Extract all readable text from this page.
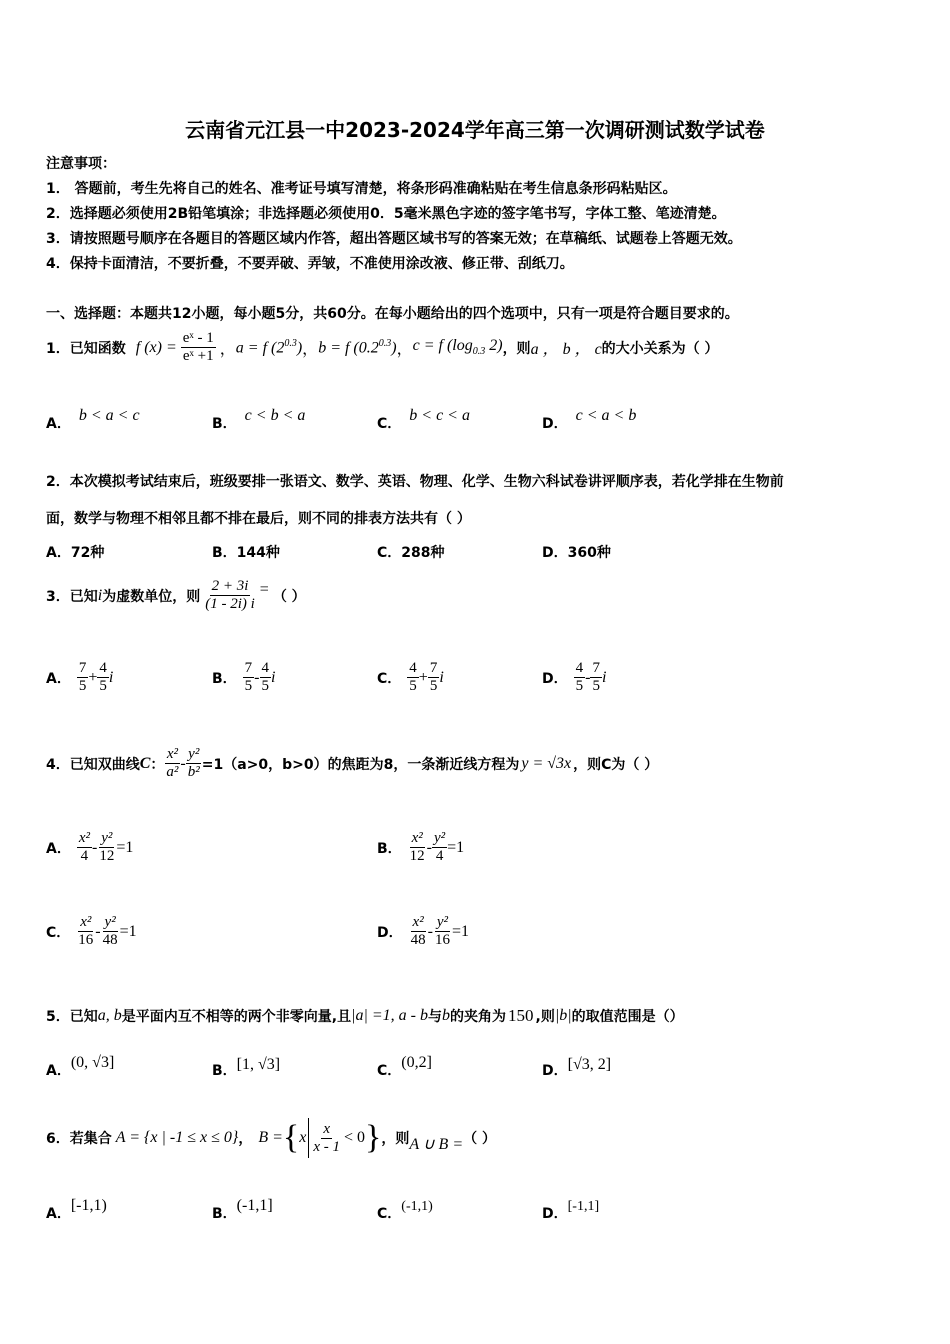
云南省元江县一中2023-2024学年高三第一次调研测试数学试卷
注意事项：
1． 答题前，考生先将自己的姓名、准考证号填写清楚，将条形码准确粘贴在考生信息条形码粘贴区。
2．选择题必须使用2B铅笔填涂；非选择题必须使用0．5毫米黑色字迹的签字笔书写，字体工整、笔迹清楚。
3．请按照题号顺序在各题目的答题区域内作答，超出答题区域书写的答案无效；在草稿纸、试题卷上答题无效。
4．保持卡面清洁，不要折叠，不要弄破、弄皱，不准使用涂改液、修正带、刮纸刀。
一、选择题：本题共12小题，每小题5分，共60分。在每小题给出的四个选项中，只有一项是符合题目要求的。
1．已知函数 f $(x) = \frac{\text{eˣ - 1}}{\text{eˣ +1}}$ ， a = f $(2^{0.3})$ ， b = f $(0.2^{0.3})$ ， c = f ($\log_{0.3}$ 2) ，则 a ， b ， c 的大小关系为（ ）
A． b < a < c	B． c < b < a	C． b < c < a	D． c < a < b
2．本次模拟考试结束后，班级要排一张语文、数学、英语、物理、化学、生物六科试卷讲评顺序表，若化学排在生物前
面，数学与物理不相邻且都不排在最后，则不同的排表方法共有（ ）
A．72种	B．144种	C．288种	D．360种
3．已知 i 为虚数单位，则 $\frac{2 + 3i}{(1 - 2i) i}$ = （ ）
A． $\frac{7}{5} + \frac{4}{5}$ i	B． $\frac{7}{5} - \frac{4}{5}$ i	C． $\frac{4}{5} + \frac{7}{5}$ i	D． $\frac{4}{5} - \frac{7}{5}$ i
4．已知双曲线 C ： $\frac{\text{x²}}{\text{a²}} - \frac{\text{y²}}{\text{b²}} =1(a>0$，b>0）的焦距为8，一条渐近线方程为 y = √3x ，则C为（ ）
A． $\frac{\text{x²}}{4} - \frac{\text{y²}}{12} =1$	B． $\frac{\text{x²}}{12} - \frac{\text{y²}}{4} =1$
C． $\frac{\text{x²}}{16} - \frac{\text{y²}}{48} =1$	D． $\frac{\text{x²}}{48} - \frac{\text{y²}}{16} =1$
5．已知 a, b 是平面内互不相等的两个非零向量,且 |a| =1, a - b 与 b 的夹角为 150 ,则 |b| 的取值范围是（）
A．(0, √3]	B．[1, √3]	C．(0,2]	D．[√3, 2]
6．若集合 A = {x | -1 ≤ x ≤ 0} ， B = { x $\frac{x}{x - 1} < 0$ } ，则 A ∪ B = （ ）
A．[-1,1)	B．(-1,1]	C．(-1,1)	D．[-1,1]
